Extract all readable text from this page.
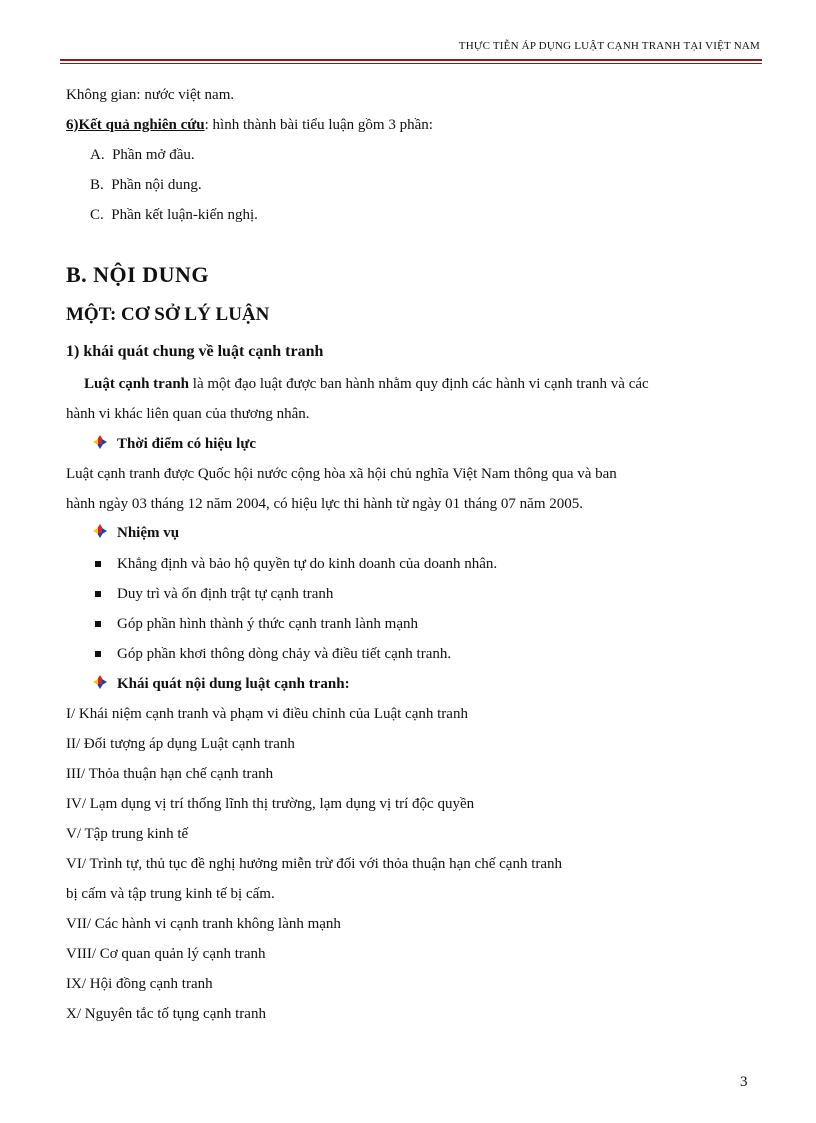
THỰC TIỄN ÁP DỤNG LUẬT CẠNH TRANH TẠI VIỆT NAM
Không gian: nước việt nam.
6)Kết quả nghiên cứu: hình thành bài tiểu luận gồm 3 phần:
A. Phần mở đầu.
B. Phần nội dung.
C. Phần kết luận-kiến nghị.
B. NỘI DUNG
MỘT: CƠ SỞ LÝ LUẬN
1) khái quát chung về luật cạnh tranh
Luật cạnh tranh là một đạo luật được ban hành nhằm quy định các hành vi cạnh tranh và các
hành vi khác liên quan của thương nhân.
Thời điểm có hiệu lực
Luật cạnh tranh được Quốc hội nước cộng hòa xã hội chủ nghĩa Việt Nam thông qua và ban
hành ngày 03 tháng 12 năm 2004, có hiệu lực thi hành từ ngày 01 tháng 07 năm 2005.
Nhiệm vụ
Khẳng định và bảo hộ quyền tự do kinh doanh của doanh nhân.
Duy trì và ổn định trật tự cạnh tranh
Góp phần hình thành ý thức cạnh tranh lành mạnh
Góp phần khơi thông dòng chảy và điều tiết cạnh tranh.
Khái quát nội dung luật cạnh tranh:
I/ Khái niệm cạnh tranh và phạm vi điều chỉnh của Luật cạnh tranh
II/ Đối tượng áp dụng Luật cạnh tranh
III/ Thỏa thuận hạn chế cạnh tranh
IV/ Lạm dụng vị trí thống lĩnh thị trường, lạm dụng vị trí độc quyền
V/ Tập trung kinh tế
VI/ Trình tự, thủ tục đề nghị hưởng miễn trừ đối với thỏa thuận hạn chế cạnh tranh
bị cấm và tập trung kinh tế bị cấm.
VII/ Các hành vi cạnh tranh không lành mạnh
VIII/ Cơ quan quản lý cạnh tranh
IX/ Hội đồng cạnh tranh
X/ Nguyên tắc tố tụng cạnh tranh
3
